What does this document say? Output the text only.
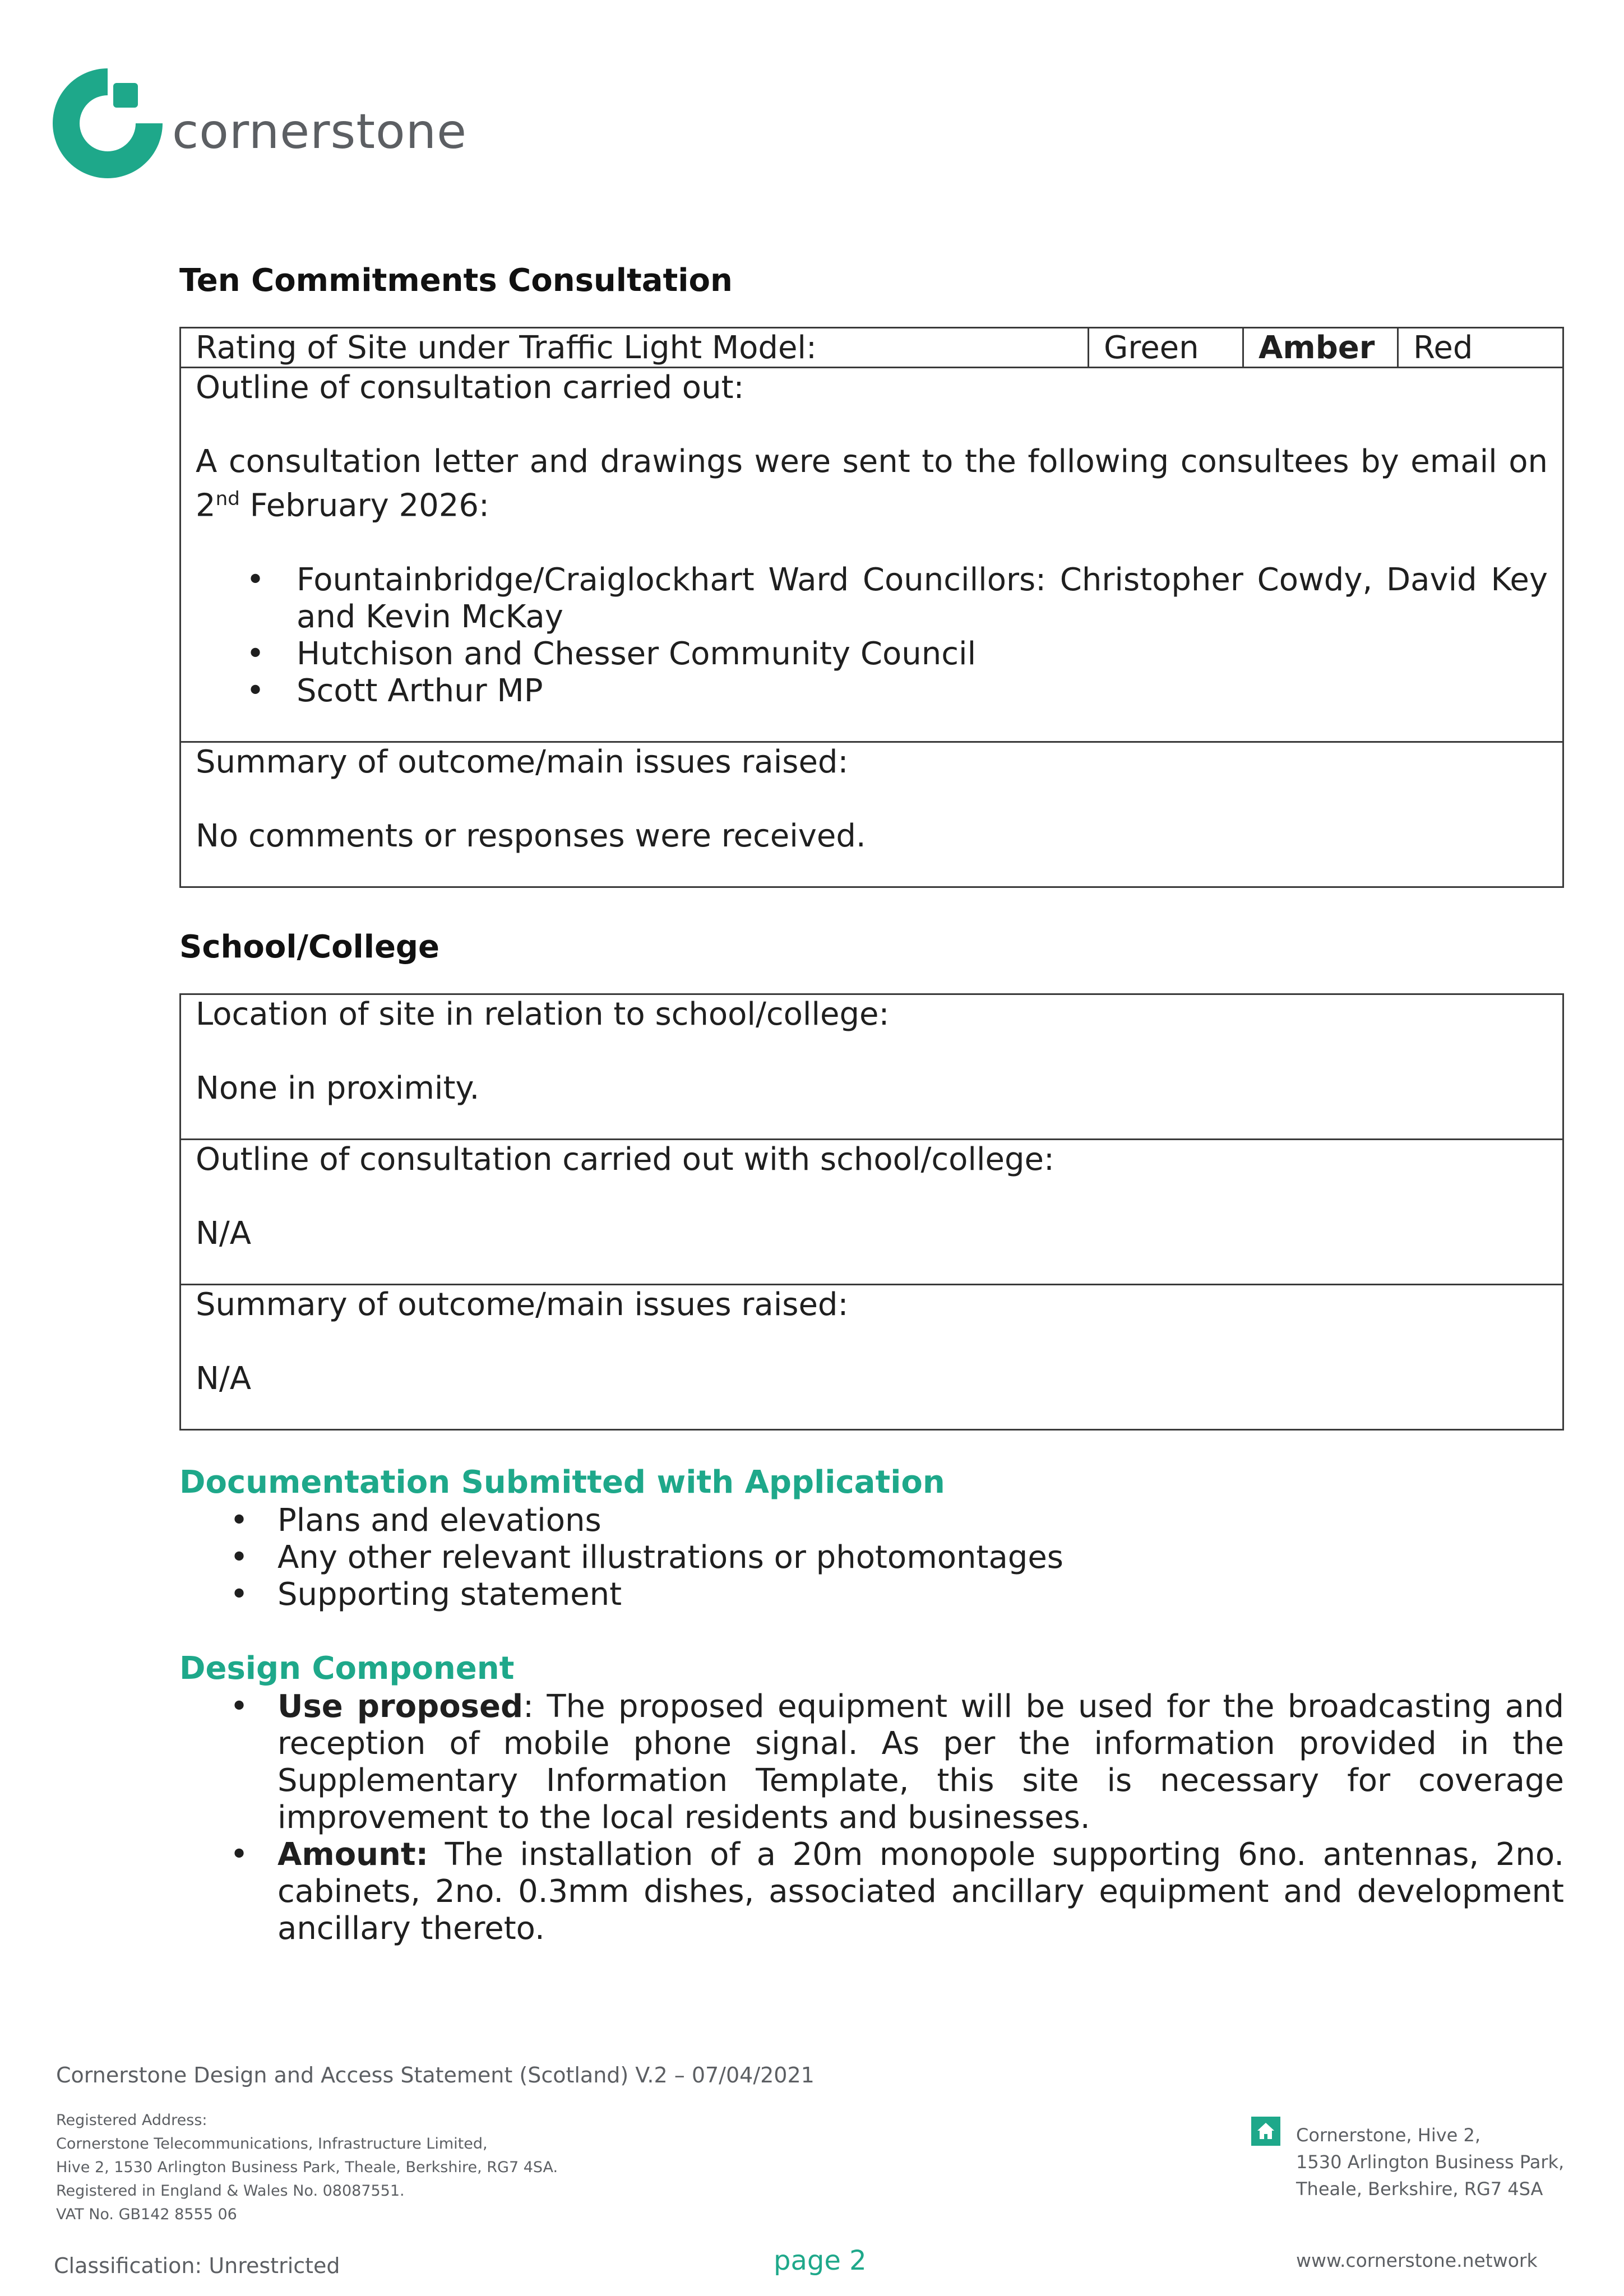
cornerstone
Ten Commitments Consultation
Rating of Site under Traffic Light Model:	Green	Amber	Red

Outline of consultation carried out:
A consultation letter and drawings were sent to the following consultees by email on 2nd February 2026:
• Fountainbridge/Craiglockhart Ward Councillors: Christopher Cowdy, David Key and Kevin McKay
• Hutchison and Chesser Community Council
• Scott Arthur MP

Summary of outcome/main issues raised:
No comments or responses were received.
School/College
Location of site in relation to school/college:
None in proximity.

Outline of consultation carried out with school/college:
N/A

Summary of outcome/main issues raised:
N/A
Documentation Submitted with Application
• Plans and elevations
• Any other relevant illustrations or photomontages
• Supporting statement
Design Component
• Use proposed: The proposed equipment will be used for the broadcasting and reception of mobile phone signal. As per the information provided in the Supplementary Information Template, this site is necessary for coverage improvement to the local residents and businesses.
• Amount: The installation of a 20m monopole supporting 6no. antennas, 2no. cabinets, 2no. 0.3mm dishes, associated ancillary equipment and development ancillary thereto.
Cornerstone Design and Access Statement (Scotland) V.2 – 07/04/2021
Registered Address:
Cornerstone Telecommunications, Infrastructure Limited,
Hive 2, 1530 Arlington Business Park, Theale, Berkshire, RG7 4SA.
Registered in England & Wales No. 08087551.
VAT No. GB142 8555 06
Cornerstone, Hive 2,
1530 Arlington Business Park,
Theale, Berkshire, RG7 4SA
Classification: Unrestricted	page 2	www.cornerstone.network
